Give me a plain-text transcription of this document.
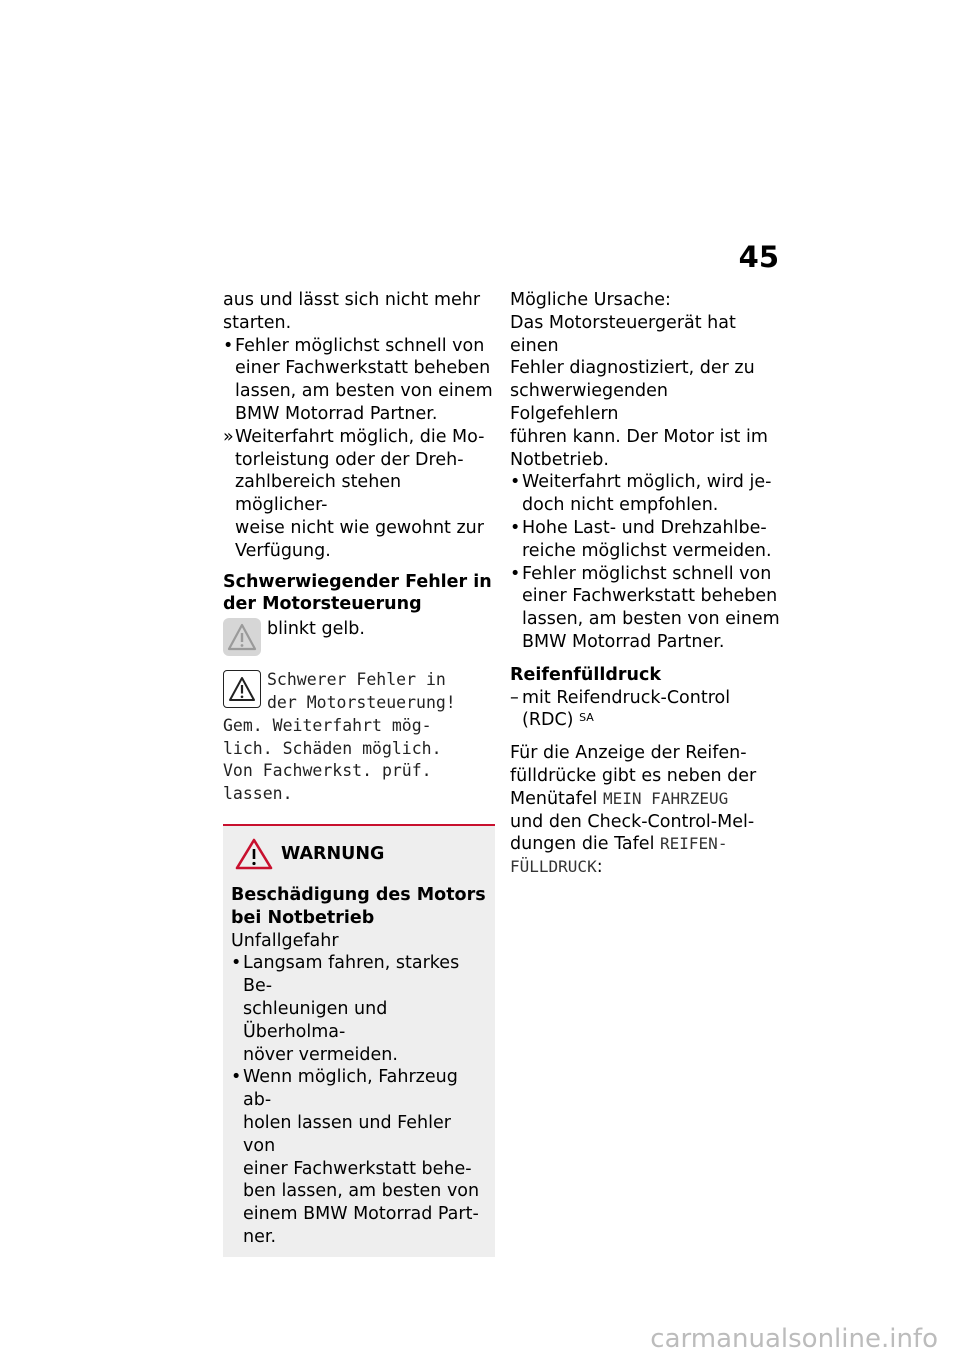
45

aus und lässt sich nicht mehr

starten.

• Fehler möglichst schnell von

einer Fachwerkstatt beheben

lassen, am besten von einem

BMW Motorrad Partner.

» Weiterfahrt möglich, die Mo-

torleistung oder der Dreh-

zahlbereich stehen möglicher-

weise nicht wie gewohnt zur

Verfügung.

Schwerwiegender Fehler in

der Motorsteuerung

blinkt gelb.

Schwerer Fehler in

der Motorsteuerung!

Gem. Weiterfahrt mög-

lich. Schäden möglich.

Von Fachwerkst. prüf.

lassen.

WARNUNG

Beschädigung des Motors

bei Notbetrieb

Unfallgefahr

• Langsam fahren, starkes Be-

schleunigen und Überholma-

növer vermeiden.

• Wenn möglich, Fahrzeug ab-

holen lassen und Fehler von

einer Fachwerkstatt behe-

ben lassen, am besten von

einem BMW Motorrad Part-

ner.

Mögliche Ursache:

Das Motorsteuergerät hat einen

Fehler diagnostiziert, der zu

schwerwiegenden Folgefehlern

führen kann. Der Motor ist im

Notbetrieb.

• Weiterfahrt möglich, wird je-

doch nicht empfohlen.

• Hohe Last- und Drehzahlbe-

reiche möglichst vermeiden.

• Fehler möglichst schnell von

einer Fachwerkstatt beheben

lassen, am besten von einem

BMW Motorrad Partner.

Reifenfülldruck

– mit Reifendruck-Control

(RDC) $^{SA}$

Für die Anzeige der Reifen-

fülldrücke gibt es neben der

Menütafel MEIN FAHRZEUG

und den Check-Control-Mel-

dungen die Tafel REIFEN-

FÜLLDRUCK:

carmanualsonline.info
